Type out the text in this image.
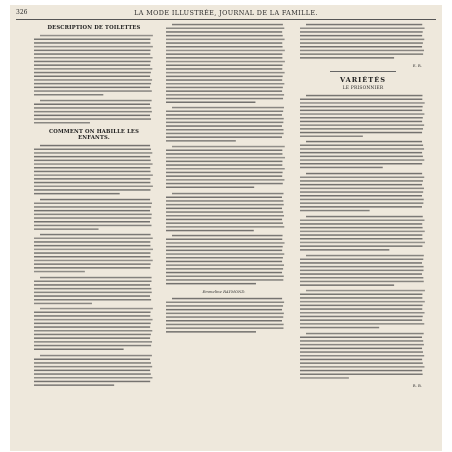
326	LA MODE ILLUSTRÉE, JOURNAL DE LA FAMILLE.
DESCRIPTION DE TOILETTES
COMMENT ON HABILLE LES ENFANTS.
Emmeline RAYMOND.
E. R.
VARIÉTÉS
LE PRISONNIER
R. B.
